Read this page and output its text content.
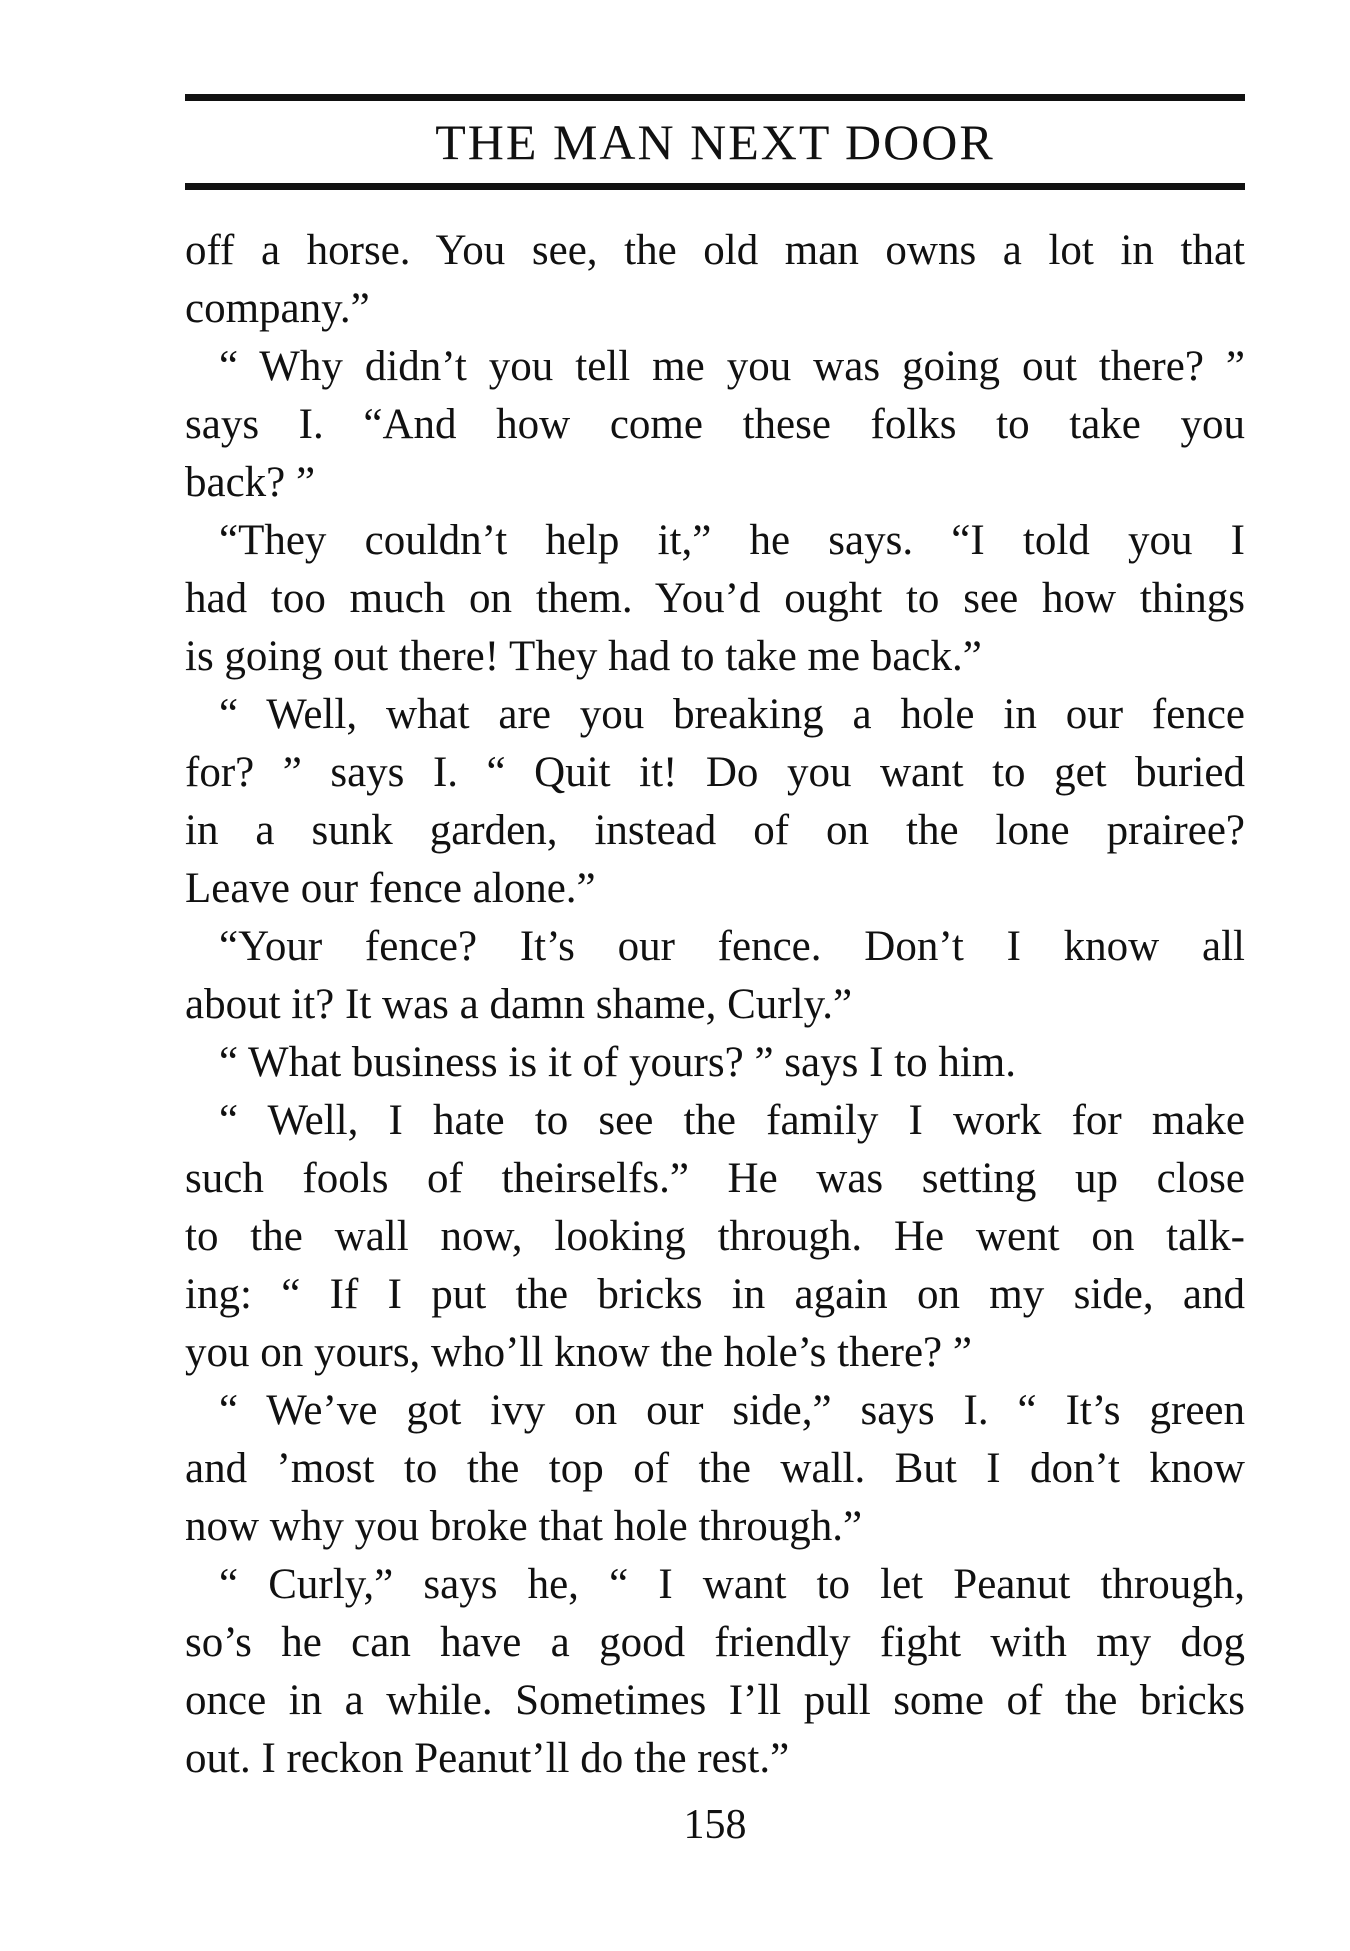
THE MAN NEXT DOOR
off a horse. You see, the old man owns a lot in that
company.”
“ Why didn’t you tell me you was going out there? ”
says I. “And how come these folks to take you
back? ”
“They couldn’t help it,” he says. “I told you I
had too much on them. You’d ought to see how things
is going out there! They had to take me back.”
“ Well, what are you breaking a hole in our fence
for? ” says I. “ Quit it! Do you want to get buried
in a sunk garden, instead of on the lone prairee?
Leave our fence alone.”
“Your fence? It’s our fence. Don’t I know all
about it? It was a damn shame, Curly.”
“ What business is it of yours? ” says I to him.
“ Well, I hate to see the family I work for make
such fools of theirselfs.” He was setting up close
to the wall now, looking through. He went on talk-
ing: “ If I put the bricks in again on my side, and
you on yours, who’ll know the hole’s there? ”
“ We’ve got ivy on our side,” says I. “ It’s green
and ’most to the top of the wall. But I don’t know
now why you broke that hole through.”
“ Curly,” says he, “ I want to let Peanut through,
so’s he can have a good friendly fight with my dog
once in a while. Sometimes I’ll pull some of the bricks
out. I reckon Peanut’ll do the rest.”
158
